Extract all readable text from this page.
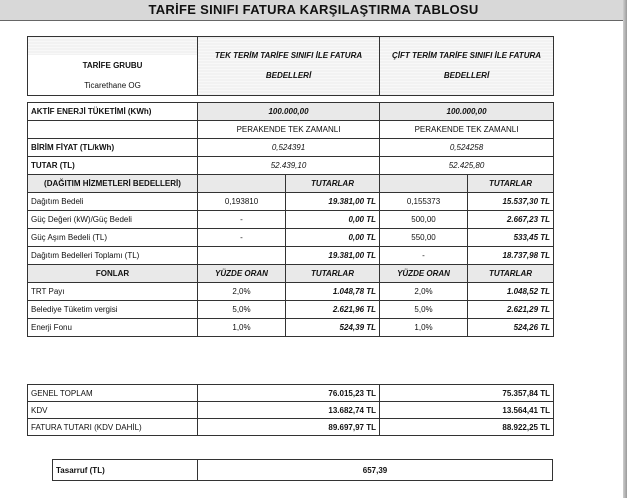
TARİFE SINIFI FATURA KARŞILAŞTIRMA TABLOSU
	TEK TERİM TARİFE SINIFI İLE FATURA BEDELLERİ		ÇİFT TERİM TARİFE SINIFI İLE FATURA BEDELLERİ	
TARİFE GRUBU				
Ticarethane OG				

AKTİF ENERJİ TÜKETİMİ (KWh)	100.000,00		100.000,00	
	PERAKENDE TEK ZAMANLI		PERAKENDE TEK ZAMANLI	
BİRİM FİYAT (TL/kWh)	0,524391		0,524258	
TUTAR (TL)	52.439,10		52.425,80	
(DAĞITIM HİZMETLERİ BEDELLERİ)		TUTARLAR		TUTARLAR
Dağıtım Bedeli	0,193810	19.381,00 TL	0,155373	15.537,30 TL
Güç Değeri (kW)/Güç Bedeli	-	0,00 TL	500,00	2.667,23 TL
Güç Aşım Bedeli (TL)	-	0,00 TL	550,00	533,45 TL
Dağıtım Bedelleri Toplamı (TL)		19.381,00 TL	-	18.737,98 TL
FONLAR	YÜZDE ORAN	TUTARLAR	YÜZDE ORAN	TUTARLAR
TRT Payı	2,0%	1.048,78 TL	2,0%	1.048,52 TL
Belediye Tüketim vergisi	5,0%	2.621,96 TL	5,0%	2.621,29 TL
Enerji Fonu	1,0%	524,39 TL	1,0%	524,26 TL
GENEL TOPLAM	76.015,23 TL	75.357,84 TL
KDV	13.682,74 TL	13.564,41 TL
FATURA TUTARI (KDV DAHİL)	89.697,97 TL	88.922,25 TL
Tasarruf (TL)	657,39
